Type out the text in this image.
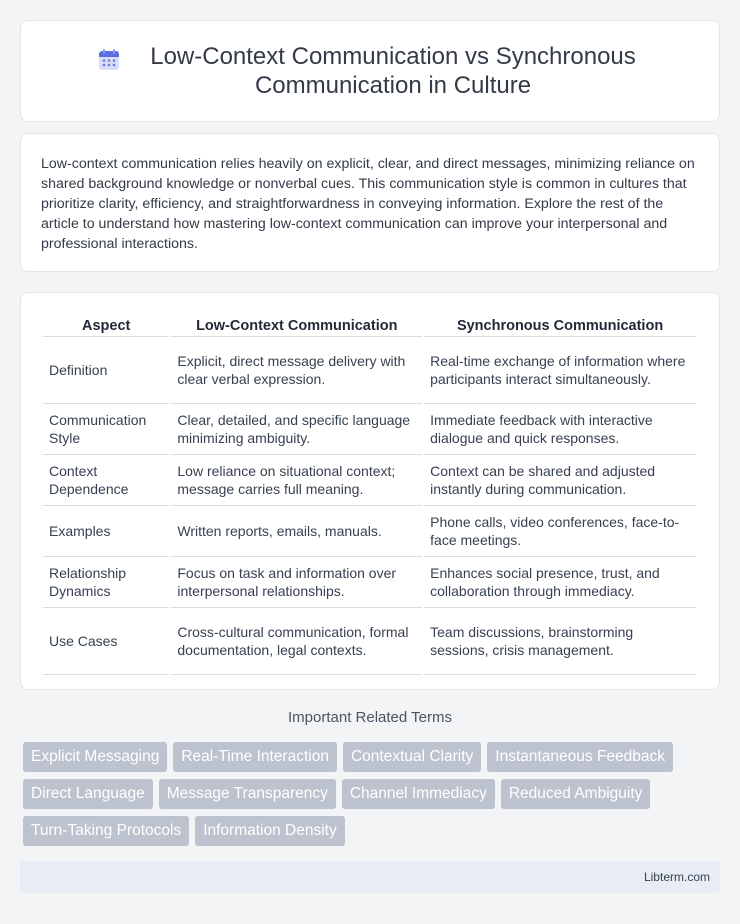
Low-Context Communication vs Synchronous Communication in Culture

Low-context communication relies heavily on explicit, clear, and direct messages, minimizing reliance on shared background knowledge or nonverbal cues. This communication style is common in cultures that prioritize clarity, efficiency, and straightforwardness in conveying information. Explore the rest of the article to understand how mastering low-context communication can improve your interpersonal and professional interactions.

Aspect	Low-Context Communication	Synchronous Communication
Definition	Explicit, direct message delivery with clear verbal expression.	Real-time exchange of information where participants interact simultaneously.
Communication Style	Clear, detailed, and specific language minimizing ambiguity.	Immediate feedback with interactive dialogue and quick responses.
Context Dependence	Low reliance on situational context; message carries full meaning.	Context can be shared and adjusted instantly during communication.
Examples	Written reports, emails, manuals.	Phone calls, video conferences, face-to-face meetings.
Relationship Dynamics	Focus on task and information over interpersonal relationships.	Enhances social presence, trust, and collaboration through immediacy.
Use Cases	Cross-cultural communication, formal documentation, legal contexts.	Team discussions, brainstorming sessions, crisis management.
Important Related Terms
Explicit Messaging	Real-Time Interaction	Contextual Clarity	Instantaneous Feedback
Direct Language	Message Transparency	Channel Immediacy	Reduced Ambiguity
Turn-Taking Protocols	Information Density
Libterm.com
